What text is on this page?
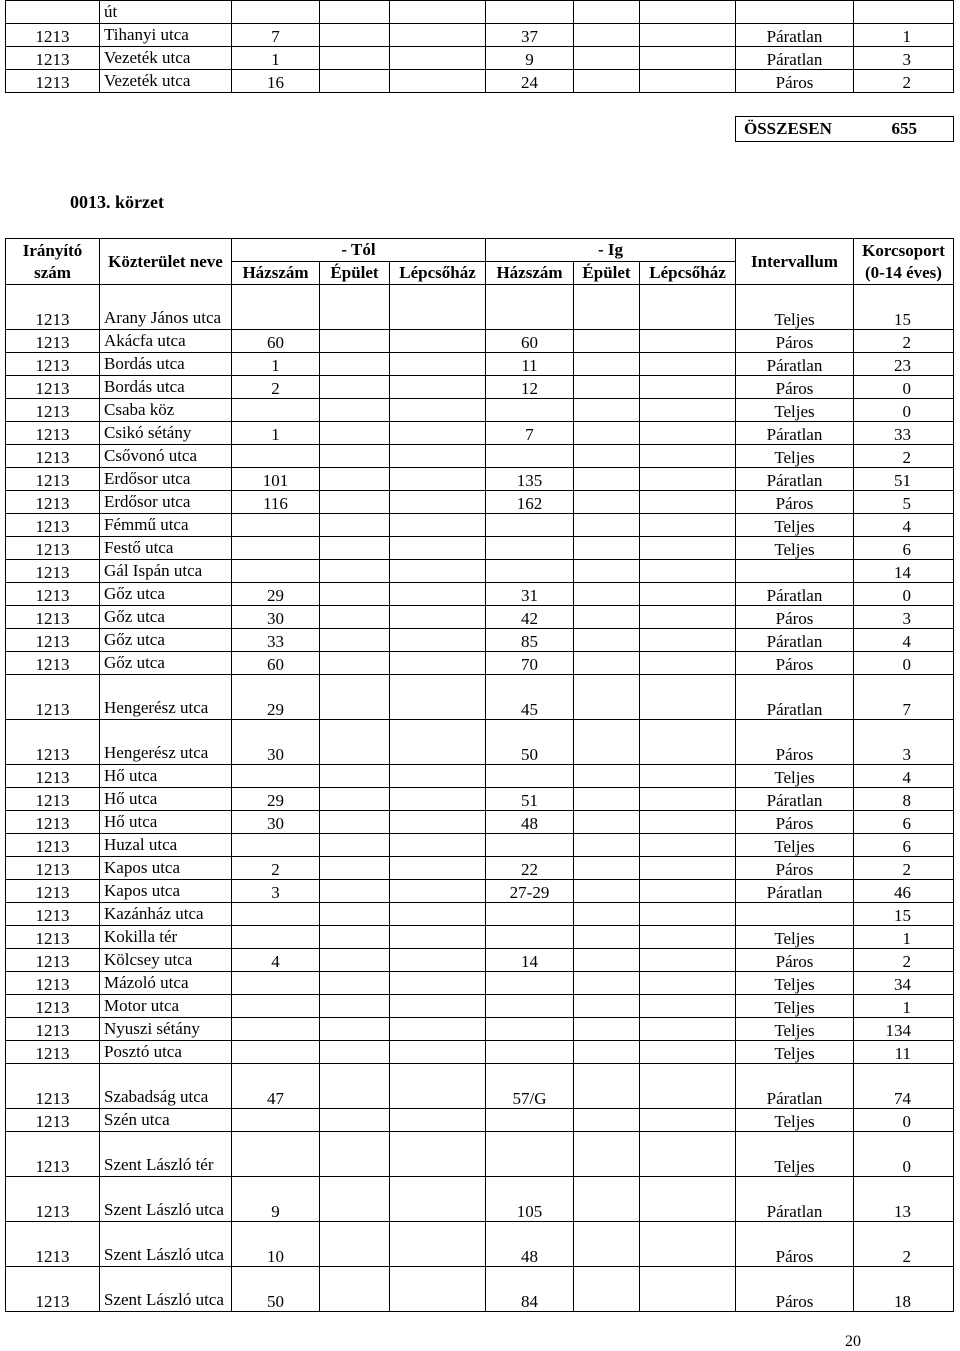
	út								
1213	Tihanyi utca	7			37			Páratlan	1
1213	Vezeték utca	1			9			Páratlan	3
1213	Vezeték utca	16			24			Páros	2
ÖSSZESEN	655
0013. körzet
Irányító szám	Közterület neve	- Tól			- Ig			Intervallum	Korcsoport (0-14 éves)
		Házszám	Épület	Lépcsőház	Házszám	Épület	Lépcsőház		
1213	Arany János utca							Teljes	15
1213	Akácfa utca	60			60			Páros	2
1213	Bordás utca	1			11			Páratlan	23
1213	Bordás utca	2			12			Páros	0
1213	Csaba köz							Teljes	0
1213	Csikó sétány	1			7			Páratlan	33
1213	Csővonó utca							Teljes	2
1213	Erdősor utca	101			135			Páratlan	51
1213	Erdősor utca	116			162			Páros	5
1213	Fémmű utca							Teljes	4
1213	Festő utca							Teljes	6
1213	Gál Ispán utca								14
1213	Gőz utca	29			31			Páratlan	0
1213	Gőz utca	30			42			Páros	3
1213	Gőz utca	33			85			Páratlan	4
1213	Gőz utca	60			70			Páros	0
1213	Hengerész utca	29			45			Páratlan	7
1213	Hengerész utca	30			50			Páros	3
1213	Hő utca							Teljes	4
1213	Hő utca	29			51			Páratlan	8
1213	Hő utca	30			48			Páros	6
1213	Huzal utca							Teljes	6
1213	Kapos utca	2			22			Páros	2
1213	Kapos utca	3			27-29			Páratlan	46
1213	Kazánház utca								15
1213	Kokilla tér							Teljes	1
1213	Kölcsey utca	4			14			Páros	2
1213	Mázoló utca							Teljes	34
1213	Motor utca							Teljes	1
1213	Nyuszi sétány							Teljes	134
1213	Posztó utca							Teljes	11
1213	Szabadság utca	47			57/G			Páratlan	74
1213	Szén utca							Teljes	0
1213	Szent László tér							Teljes	0
1213	Szent László utca	9			105			Páratlan	13
1213	Szent László utca	10			48			Páros	2
1213	Szent László utca	50			84			Páros	18
20
